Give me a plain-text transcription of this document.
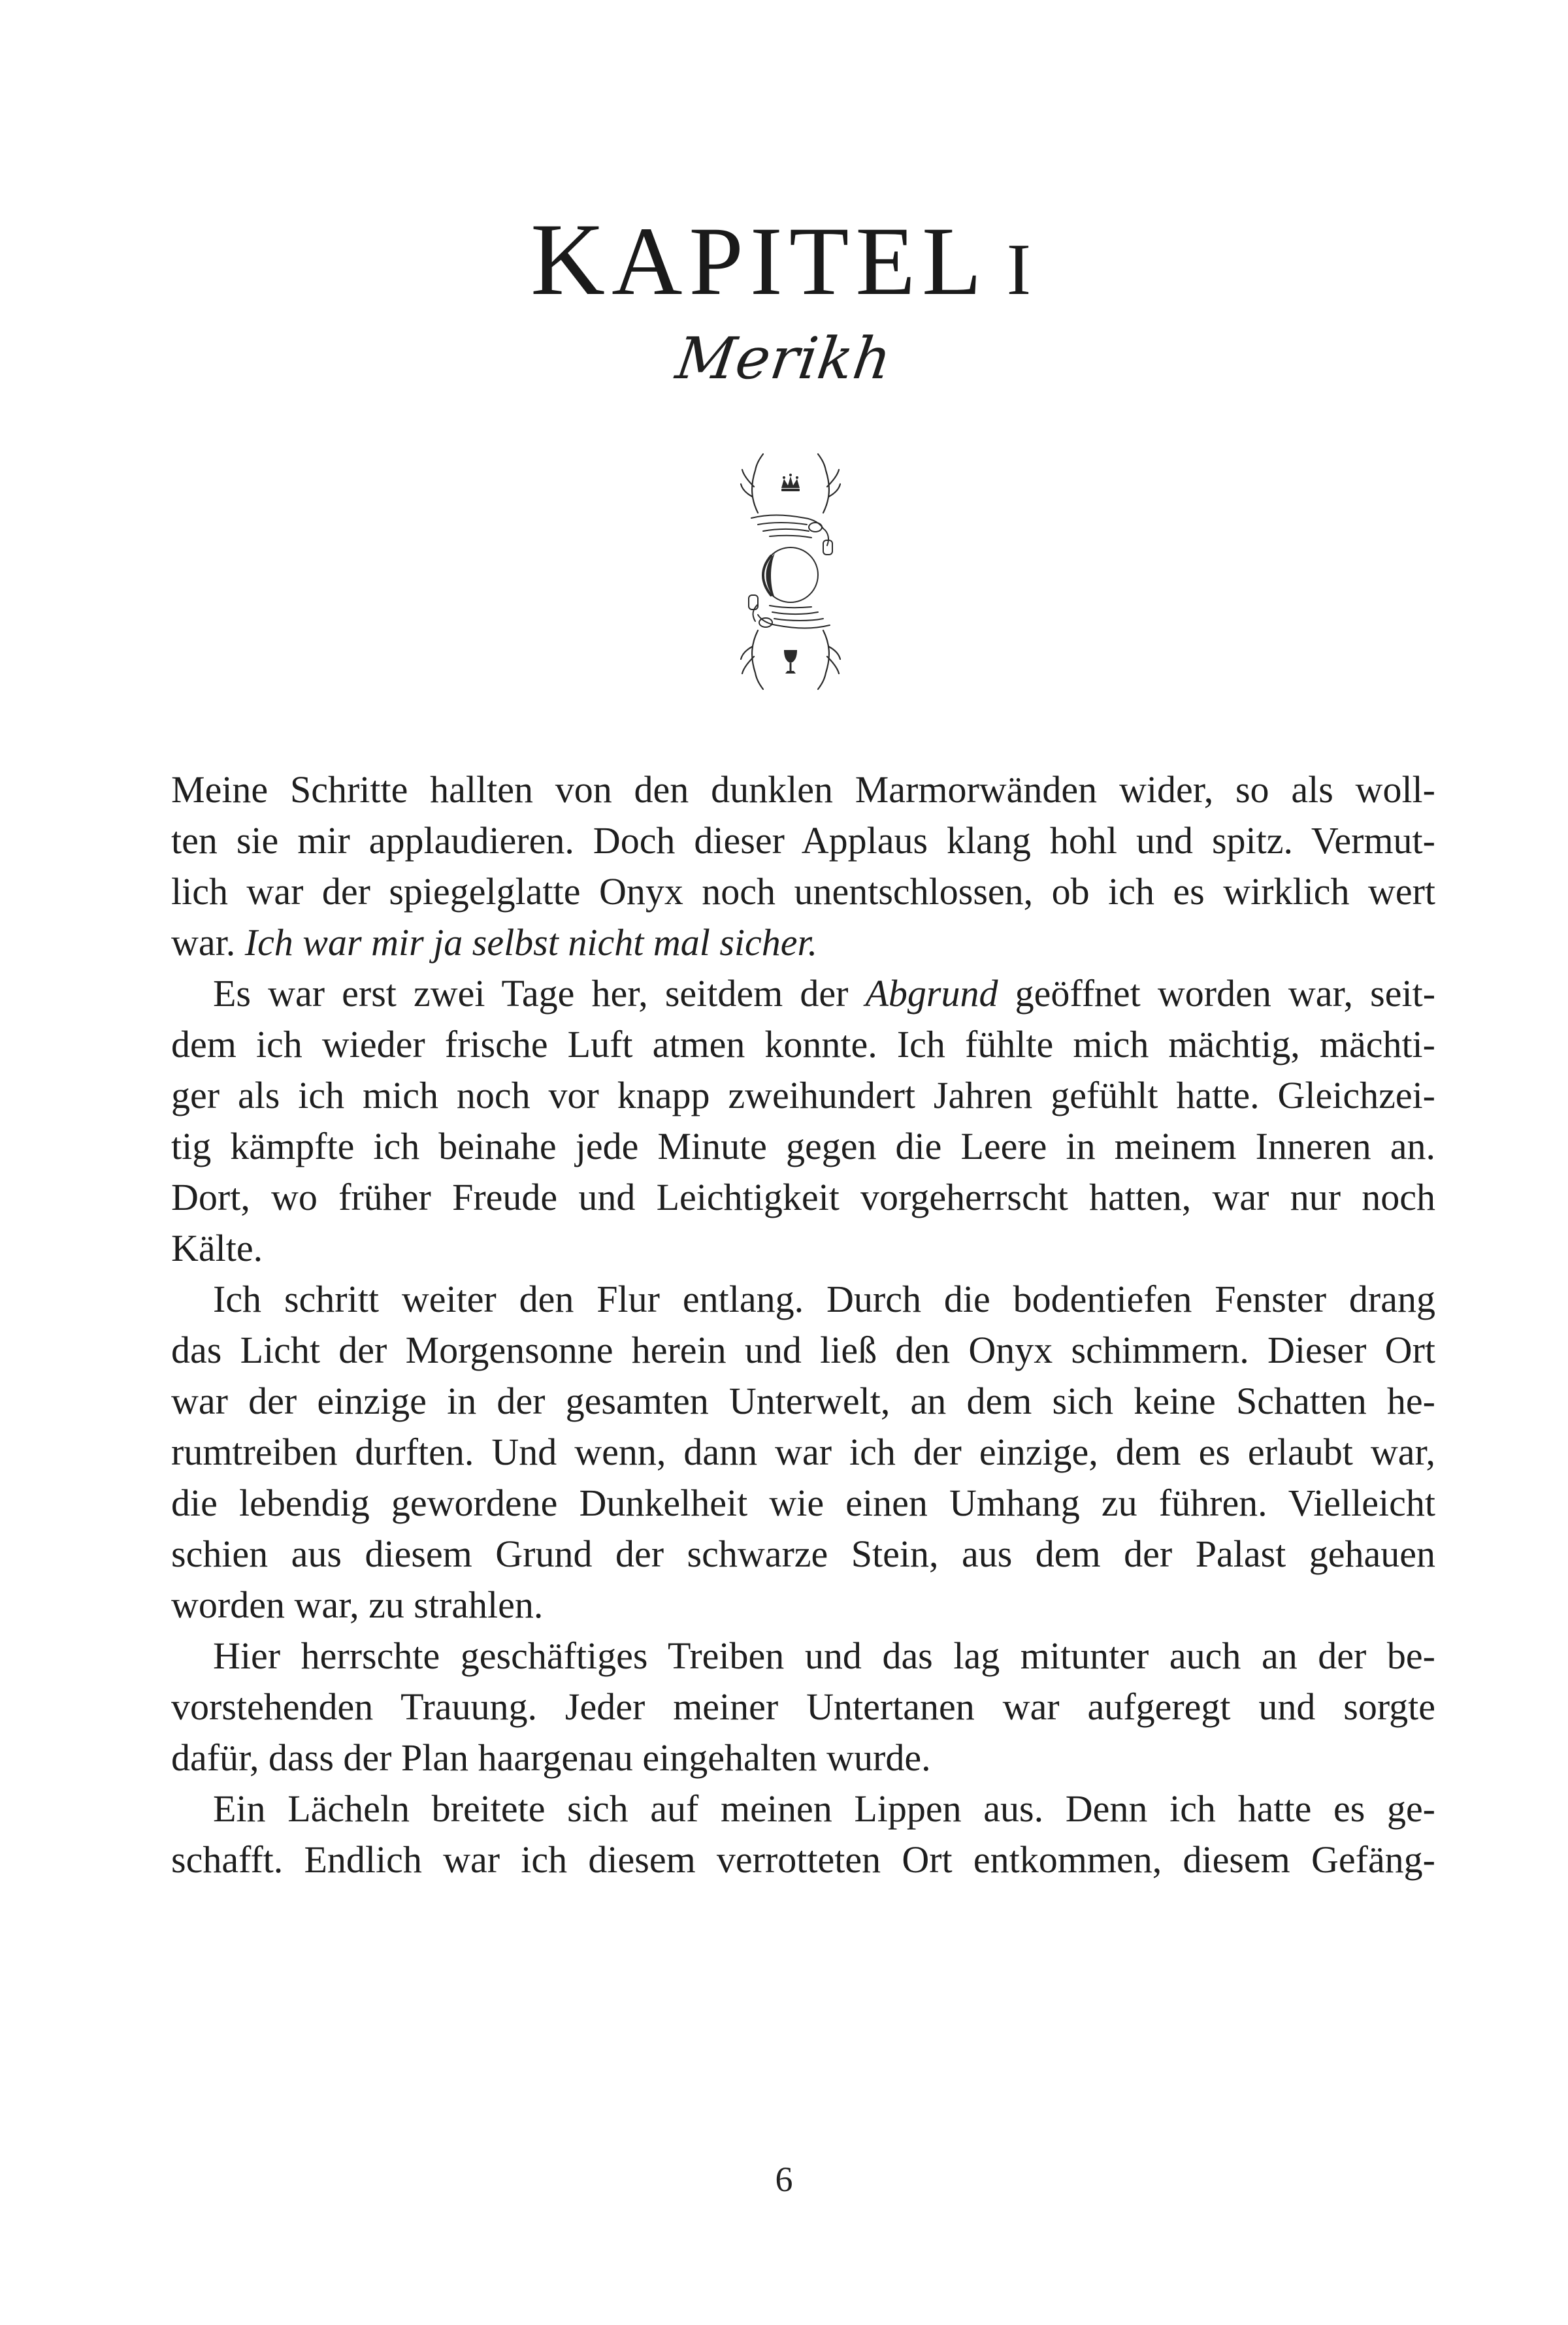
KAPITEL I
Merikh
Meine Schritte hallten von den dunklen Marmorwänden wider, so als woll-
ten sie mir applaudieren. Doch dieser Applaus klang hohl und spitz. Vermut-
lich war der spiegelglatte Onyx noch unentschlossen, ob ich es wirklich wert
war. Ich war mir ja selbst nicht mal sicher.
Es war erst zwei Tage her, seitdem der Abgrund geöffnet worden war, seit-
dem ich wieder frische Luft atmen konnte. Ich fühlte mich mächtig, mächti-
ger als ich mich noch vor knapp zweihundert Jahren gefühlt hatte. Gleichzei-
tig kämpfte ich beinahe jede Minute gegen die Leere in meinem Inneren an.
Dort, wo früher Freude und Leichtigkeit vorgeherrscht hatten, war nur noch
Kälte.
Ich schritt weiter den Flur entlang. Durch die bodentiefen Fenster drang
das Licht der Morgensonne herein und ließ den Onyx schimmern. Dieser Ort
war der einzige in der gesamten Unterwelt, an dem sich keine Schatten he-
rumtreiben durften. Und wenn, dann war ich der einzige, dem es erlaubt war,
die lebendig gewordene Dunkelheit wie einen Umhang zu führen. Vielleicht
schien aus diesem Grund der schwarze Stein, aus dem der Palast gehauen
worden war, zu strahlen.
Hier herrschte geschäftiges Treiben und das lag mitunter auch an der be-
vorstehenden Trauung. Jeder meiner Untertanen war aufgeregt und sorgte
dafür, dass der Plan haargenau eingehalten wurde.
Ein Lächeln breitete sich auf meinen Lippen aus. Denn ich hatte es ge-
schafft. Endlich war ich diesem verrotteten Ort entkommen, diesem Gefäng-
6
